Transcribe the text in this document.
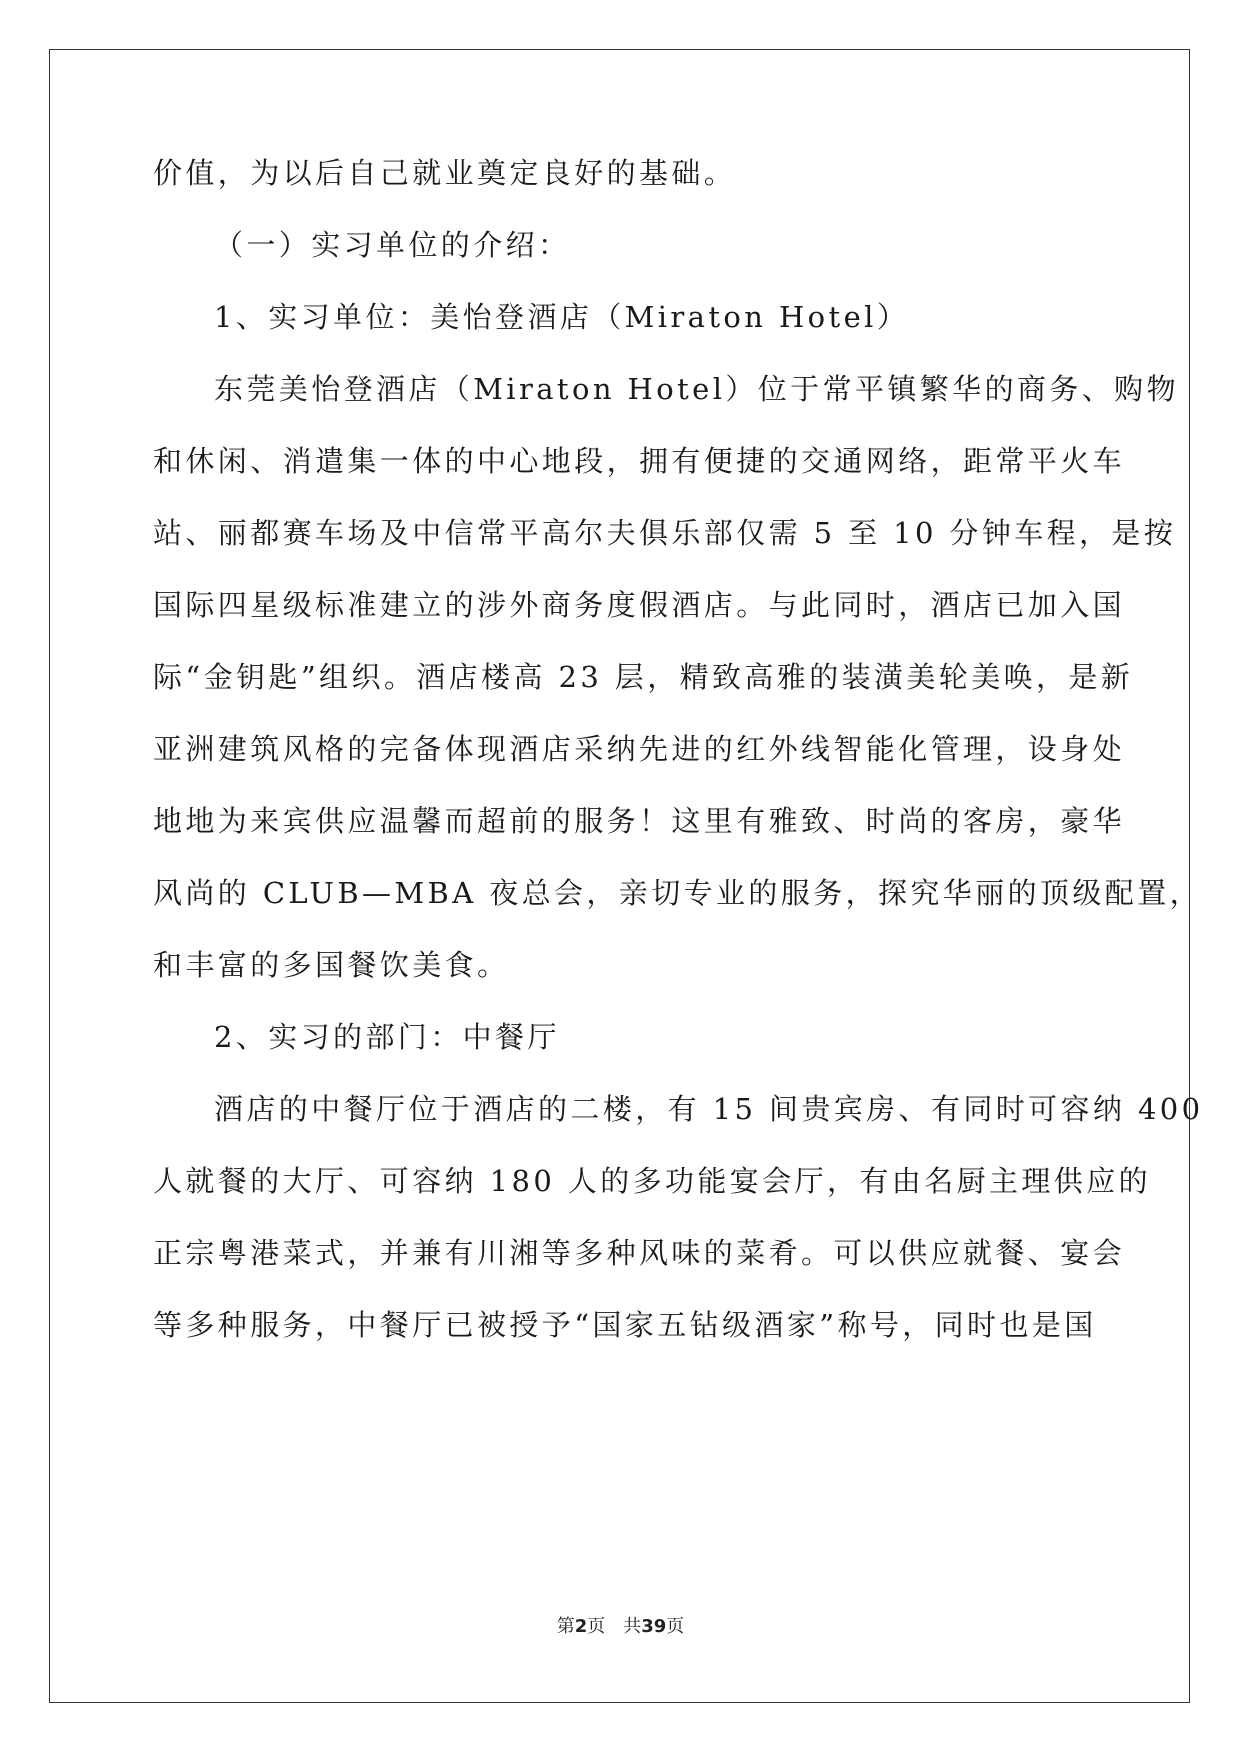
价值，为以后自己就业奠定良好的基础。
（一）实习单位的介绍：
1、实习单位：美怡登酒店（Miraton Hotel）
东莞美怡登酒店（Miraton Hotel）位于常平镇繁华的商务、购物
和休闲、消遣集一体的中心地段，拥有便捷的交通网络，距常平火车
站、丽都赛车场及中信常平高尔夫俱乐部仅需 5 至 10 分钟车程，是按
国际四星级标准建立的涉外商务度假酒店。与此同时，酒店已加入国
际“金钥匙”组织。酒店楼高 23 层，精致高雅的装潢美轮美唤，是新
亚洲建筑风格的完备体现酒店采纳先进的红外线智能化管理，设身处
地地为来宾供应温馨而超前的服务！这里有雅致、时尚的客房，豪华
风尚的 CLUB—MBA 夜总会，亲切专业的服务，探究华丽的顶级配置，
和丰富的多国餐饮美食。
2、实习的部门：中餐厅
酒店的中餐厅位于酒店的二楼，有 15 间贵宾房、有同时可容纳 400
人就餐的大厅、可容纳 180 人的多功能宴会厅，有由名厨主理供应的
正宗粤港菜式，并兼有川湘等多种风味的菜肴。可以供应就餐、宴会
等多种服务，中餐厅已被授予“国家五钻级酒家”称号，同时也是国
第2页　共39页
